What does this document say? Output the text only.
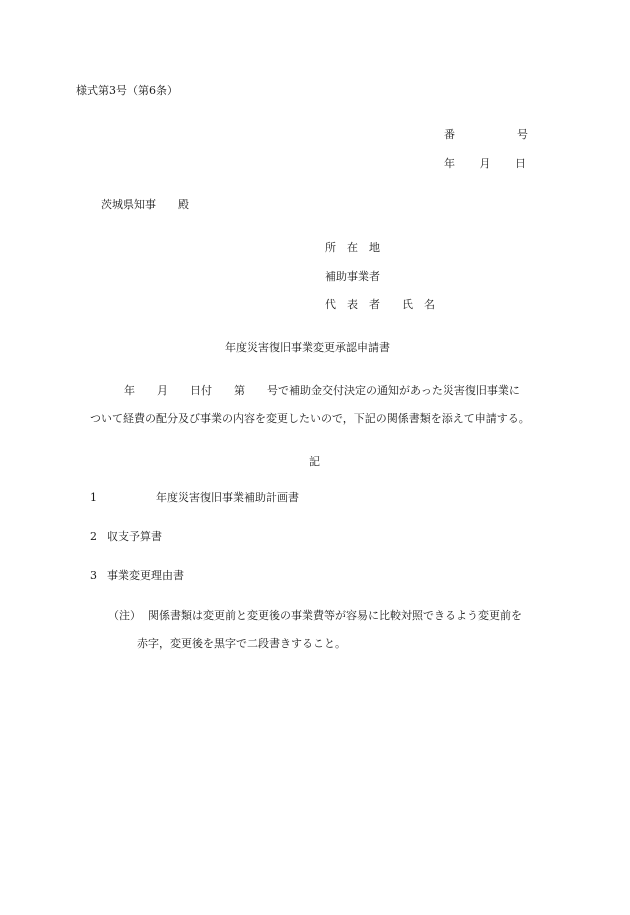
様式第3号（第6条）
番	号
年 月 日
茨城県知事　　殿
所　在　地
補助事業者
代　表　者　　氏　名
年度災害復旧事業変更承認申請書
年　　月　　日付　　第　　号で補助金交付決定の通知があった災害復旧事業に
ついて経費の配分及び事業の内容を変更したいので，下記の関係書類を添えて申請する。
記
1	年度災害復旧事業補助計画書
2 収支予算書
3 事業変更理由書
（注） 関係書類は変更前と変更後の事業費等が容易に比較対照できるよう変更前を
赤字，変更後を黒字で二段書きすること。
